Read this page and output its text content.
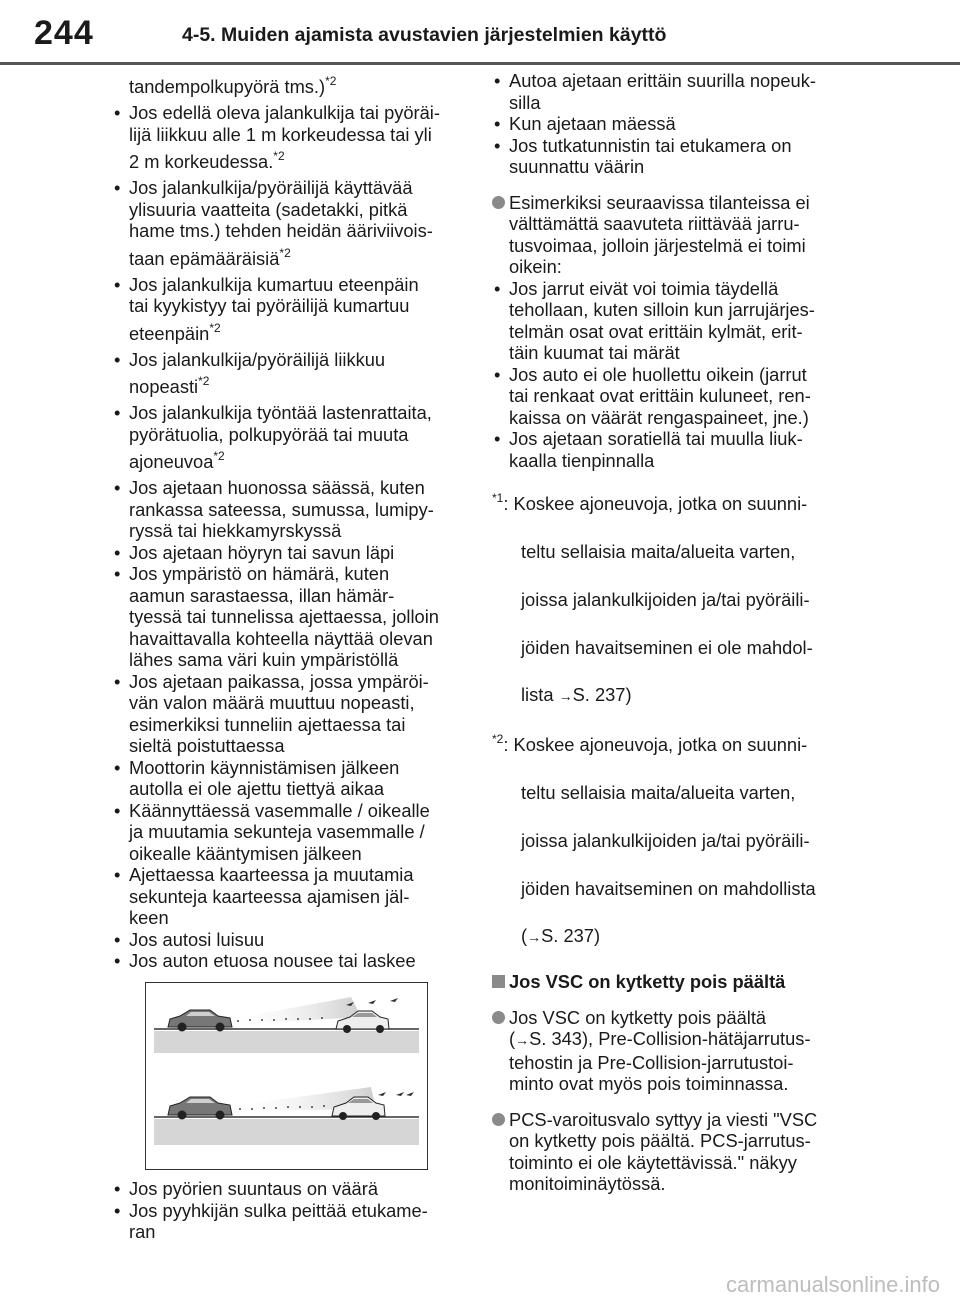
244	4-5. Muiden ajamista avustavien järjestelmien käyttö

tandempolkupyörä tms.)$^{*2}$

• Jos edellä oleva jalankulkija tai pyöräi-

lijä liikkuu alle 1 m korkeudessa tai yli

2 m korkeudessa.$^{*2}$

• Jos jalankulkija/pyöräilijä käyttävää

ylisuuria vaatteita (sadetakki, pitkä

hame tms.) tehden heidän ääriviivois-

taan epämääräisiä$^{*2}$

• Jos jalankulkija kumartuu eteenpäin

tai kyykistyy tai pyöräilijä kumartuu

eteenpäin$^{*2}$

• Jos jalankulkija/pyöräilijä liikkuu

nopeasti$^{*2}$

• Jos jalankulkija työntää lastenrattaita,

pyörätuolia, polkupyörää tai muuta

ajoneuvoa$^{*2}$

• Jos ajetaan huonossa säässä, kuten

rankassa sateessa, sumussa, lumipy-

ryssä tai hiekkamyrskyssä

• Jos ajetaan höyryn tai savun läpi

• Jos ympäristö on hämärä, kuten

aamun sarastaessa, illan hämär-

tyessä tai tunnelissa ajettaessa, jolloin

havaittavalla kohteella näyttää olevan

lähes sama väri kuin ympäristöllä

• Jos ajetaan paikassa, jossa ympäröi-

vän valon määrä muuttuu nopeasti,

esimerkiksi tunneliin ajettaessa tai

sieltä poistuttaessa

• Moottorin käynnistämisen jälkeen

autolla ei ole ajettu tiettyä aikaa

• Käännyttäessä vasemmalle / oikealle

ja muutamia sekunteja vasemmalle /

oikealle kääntymisen jälkeen

• Ajettaessa kaarteessa ja muutamia

sekunteja kaarteessa ajamisen jäl-

keen

• Jos autosi luisuu

• Jos auton etuosa nousee tai laskee

• Jos pyörien suuntaus on väärä

• Jos pyyhkijän sulka peittää etukame-

ran

• Autoa ajetaan erittäin suurilla nopeuk-

silla

• Kun ajetaan mäessä

• Jos tutkatunnistin tai etukamera on

suunnattu väärin

Esimerkiksi seuraavissa tilanteissa ei

välttämättä saavuteta riittävää jarru-

tusvoimaa, jolloin järjestelmä ei toimi

oikein:

• Jos jarrut eivät voi toimia täydellä

tehollaan, kuten silloin kun jarrujärjes-

telmän osat ovat erittäin kylmät, erit-

täin kuumat tai märät

• Jos auto ei ole huollettu oikein (jarrut

tai renkaat ovat erittäin kuluneet, ren-

kaissa on väärät rengaspaineet, jne.)

• Jos ajetaan soratiellä tai muulla liuk-

kaalla tienpinnalla

$^{*1}$: Koskee ajoneuvoja, jotka on suunni-

teltu sellaisia maita/alueita varten,

joissa jalankulkijoiden ja/tai pyöräili-

jöiden havaitseminen ei ole mahdol-

lista →S. 237)

$^{*2}$: Koskee ajoneuvoja, jotka on suunni-

teltu sellaisia maita/alueita varten,

joissa jalankulkijoiden ja/tai pyöräili-

jöiden havaitseminen on mahdollista

(→S. 237)

Jos VSC on kytketty pois päältä

Jos VSC on kytketty pois päältä

(→S. 343), Pre-Collision-hätäjarrutus-

tehostin ja Pre-Collision-jarrutustoi-

minto ovat myös pois toiminnassa.

PCS-varoitusvalo syttyy ja viesti "VSC

on kytketty pois päältä. PCS-jarrutus-

toiminto ei ole käytettävissä." näkyy

monitoiminäytössä.

carmanualsonline.info
